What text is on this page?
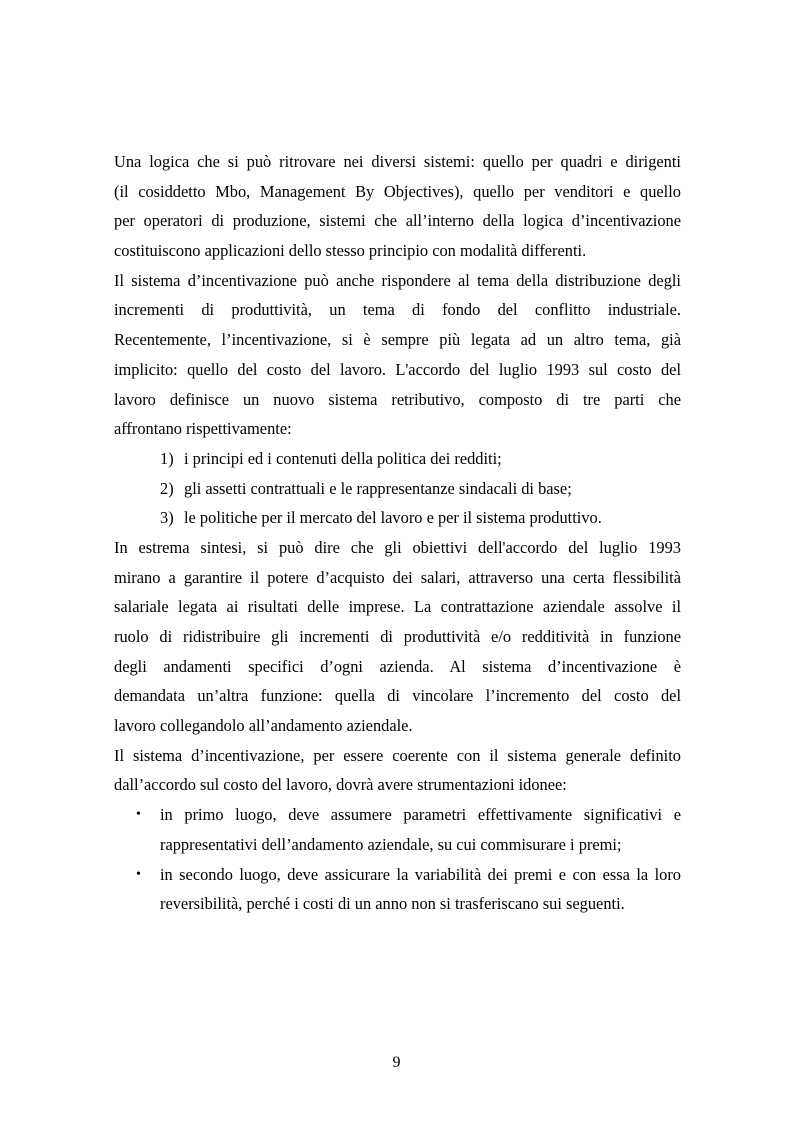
Una logica che si può ritrovare nei diversi sistemi: quello per quadri e dirigenti
(il cosiddetto Mbo, Management By Objectives), quello per venditori e quello
per operatori di produzione, sistemi che all’interno della logica d’incentivazione
costituiscono applicazioni dello stesso principio con modalità differenti.

Il sistema d’incentivazione può anche rispondere al tema della distribuzione degli
incrementi di produttività, un tema di fondo del conflitto industriale.
Recentemente, l’incentivazione, si è sempre più legata ad un altro tema, già
implicito: quello del costo del lavoro. L'accordo del luglio 1993 sul costo del
lavoro definisce un nuovo sistema retributivo, composto di tre parti che
affrontano rispettivamente:

1) i principi ed i contenuti della politica dei redditi;
2) gli assetti contrattuali e le rappresentanze sindacali di base;
3) le politiche per il mercato del lavoro e per il sistema produttivo.

In estrema sintesi, si può dire che gli obiettivi dell'accordo del luglio 1993
mirano a garantire il potere d’acquisto dei salari, attraverso una certa flessibilità
salariale legata ai risultati delle imprese. La contrattazione aziendale assolve il
ruolo di ridistribuire gli incrementi di produttività e/o redditività in funzione
degli andamenti specifici d’ogni azienda. Al sistema d’incentivazione è
demandata un’altra funzione: quella di vincolare l’incremento del costo del
lavoro collegandolo all’andamento aziendale.

Il sistema d’incentivazione, per essere coerente con il sistema generale definito
dall’accordo sul costo del lavoro, dovrà avere strumentazioni idonee:

• in primo luogo, deve assumere parametri effettivamente significativi e
rappresentativi dell’andamento aziendale, su cui commisurare i premi;
• in secondo luogo, deve assicurare la variabilità dei premi e con essa la loro
reversibilità, perché i costi di un anno non si trasferiscano sui seguenti.
9
